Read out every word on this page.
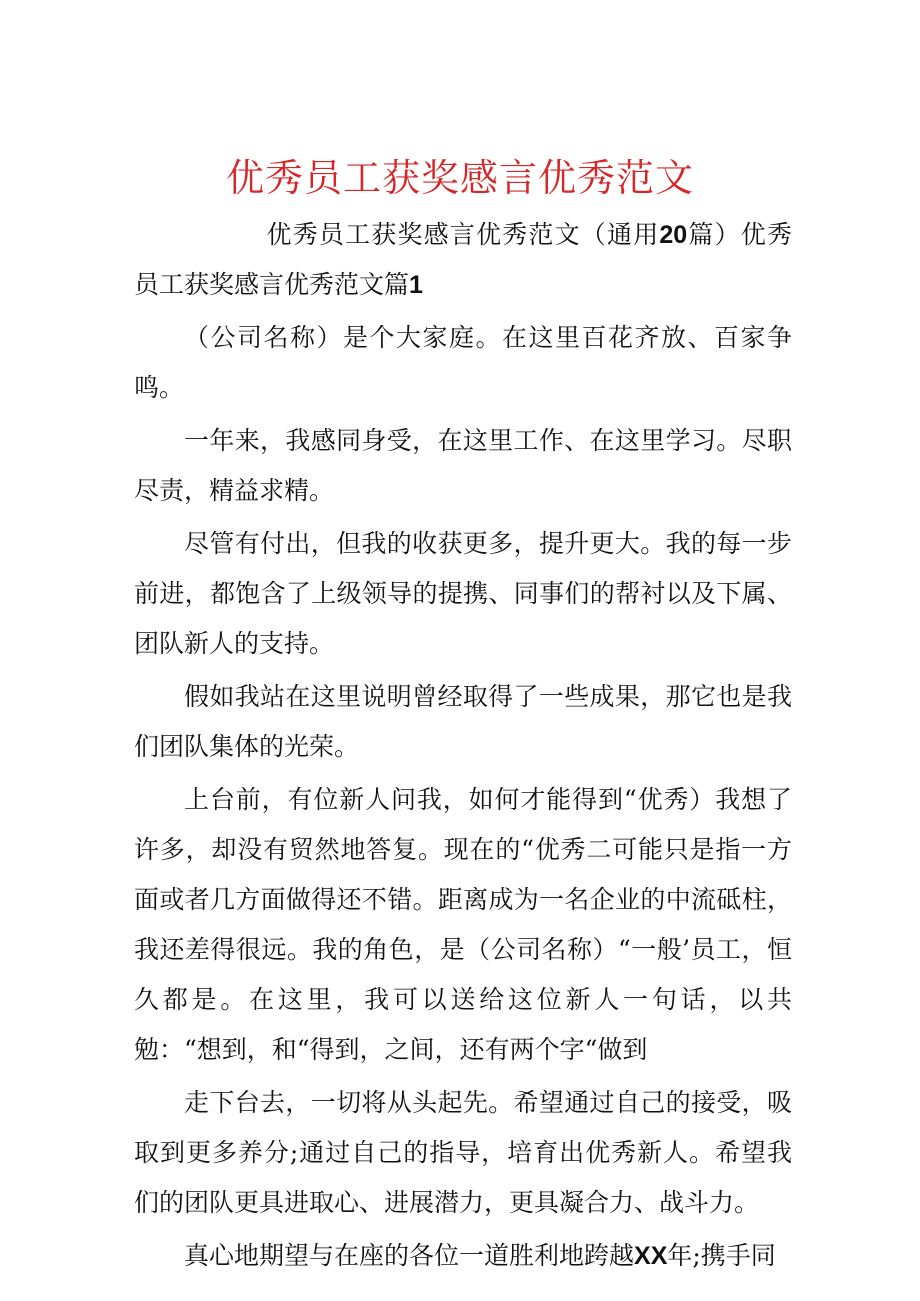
优秀员工获奖感言优秀范文

优秀员工获奖感言优秀范文（通用20篇）优秀员工获奖感言优秀范文篇1

（公司名称）是个大家庭。在这里百花齐放、百家争鸣。

一年来，我感同身受，在这里工作、在这里学习。尽职尽责，精益求精。

尽管有付出，但我的收获更多，提升更大。我的每一步前进，都饱含了上级领导的提携、同事们的帮衬以及下属、团队新人的支持。

假如我站在这里说明曾经取得了一些成果，那它也是我们团队集体的光荣。

上台前，有位新人问我，如何才能得到“优秀）我想了许多，却没有贸然地答复。现在的“优秀二可能只是指一方面或者几方面做得还不错。距离成为一名企业的中流砥柱，我还差得很远。我的角色，是（公司名称）“一般’员工，恒久都是。在这里，我可以送给这位新人一句话，以共勉：“想到，和“得到，之间，还有两个字“做到

走下台去，一切将从头起先。希望通过自己的接受，吸取到更多养分;通过自己的指导，培育出优秀新人。希望我们的团队更具进取心、进展潜力，更具凝合力、战斗力。

真心地期望与在座的各位一道胜利地跨越XX年;携手同
